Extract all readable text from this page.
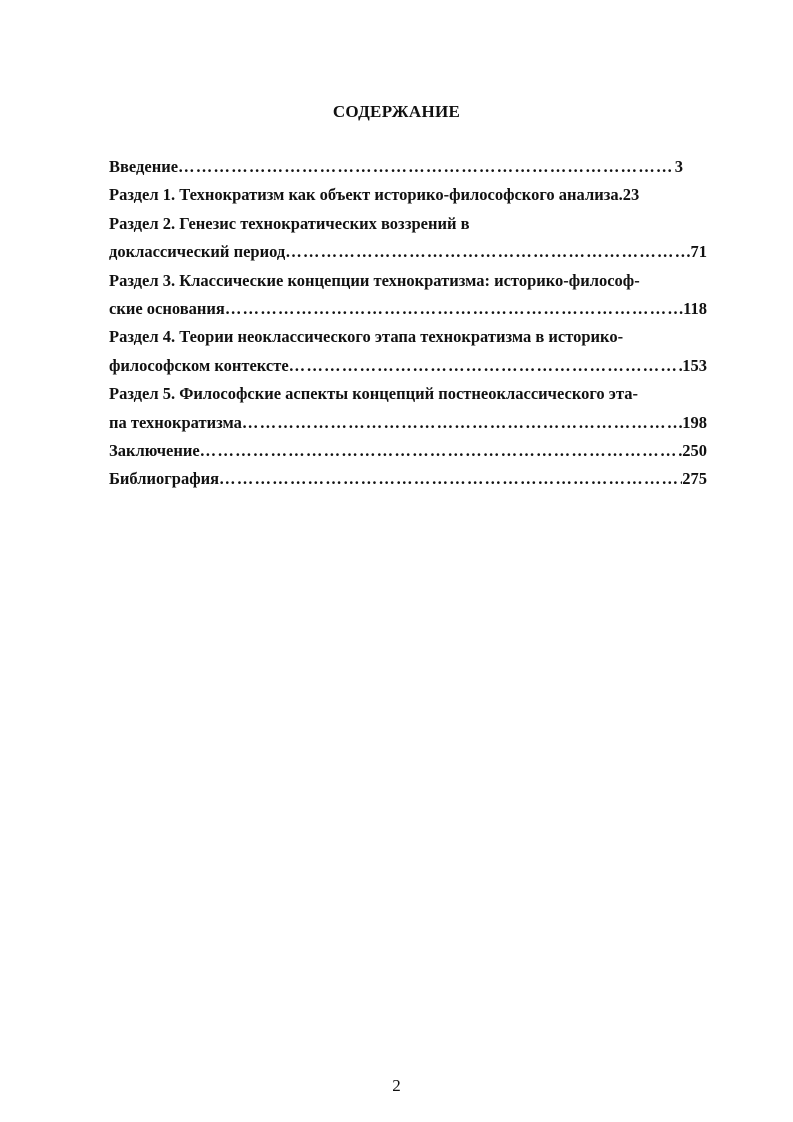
СОДЕРЖАНИЕ
Введение ……………………………………………………………………………………………………………………………………………………	3
Раздел 1. Технократизм как объект историко-философского анализа.23
Раздел 2. Генезис технократических воззрений в
доклассический период ……………………………………………………………………………………………………………………………………………………	71
Раздел 3. Классические концепции технократизма: историко-философ-
ские основания ……………………………………………………………………………………………………………………………………………………	118
Раздел 4. Теории неоклассического этапа технократизма в историко-
философском контексте ……………………………………………………………………………………………………………………………………………………	153
Раздел 5. Философские аспекты концепций постнеоклассического эта-
па технократизма ……………………………………………………………………………………………………………………………………………………	198
Заключение ……………………………………………………………………………………………………………………………………………………	250
Библиография ……………………………………………………………………………………………………………………………………………………	275
2
